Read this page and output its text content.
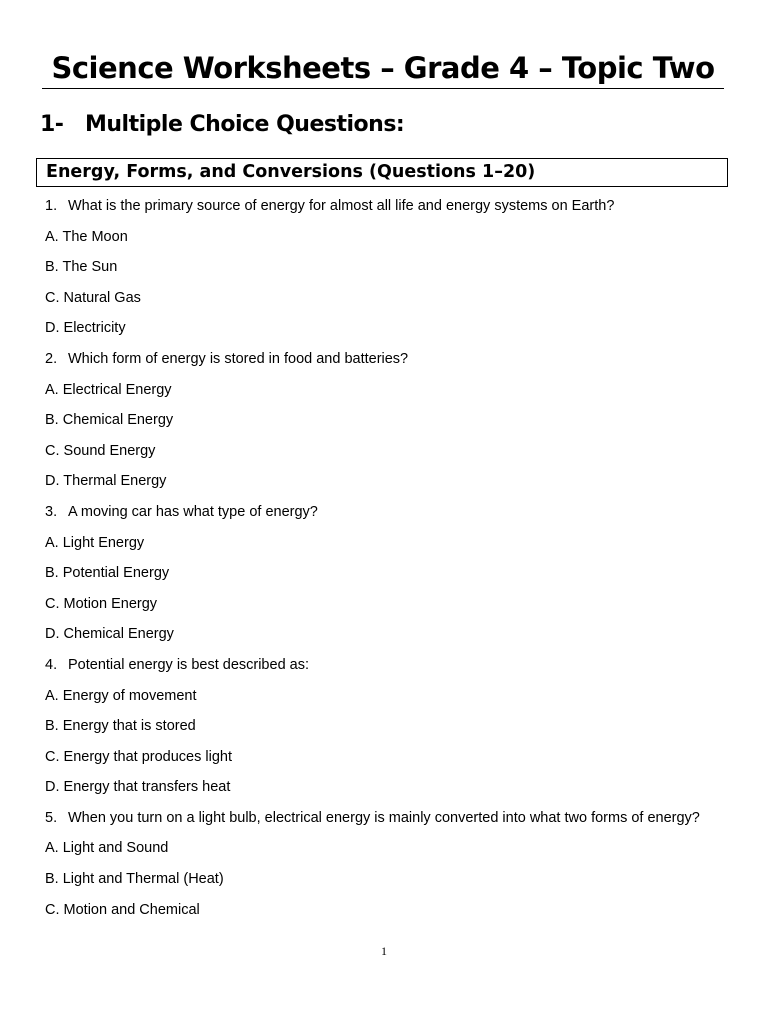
Science Worksheets – Grade 4 – Topic Two
1- Multiple Choice Questions:
Energy, Forms, and Conversions (Questions 1–20)
1. What is the primary source of energy for almost all life and energy systems on Earth?
A. The Moon
B. The Sun
C. Natural Gas
D. Electricity
2. Which form of energy is stored in food and batteries?
A. Electrical Energy
B. Chemical Energy
C. Sound Energy
D. Thermal Energy
3. A moving car has what type of energy?
A. Light Energy
B. Potential Energy
C. Motion Energy
D. Chemical Energy
4. Potential energy is best described as:
A. Energy of movement
B. Energy that is stored
C. Energy that produces light
D. Energy that transfers heat
5. When you turn on a light bulb, electrical energy is mainly converted into what two forms of energy?
A. Light and Sound
B. Light and Thermal (Heat)
C. Motion and Chemical
1
